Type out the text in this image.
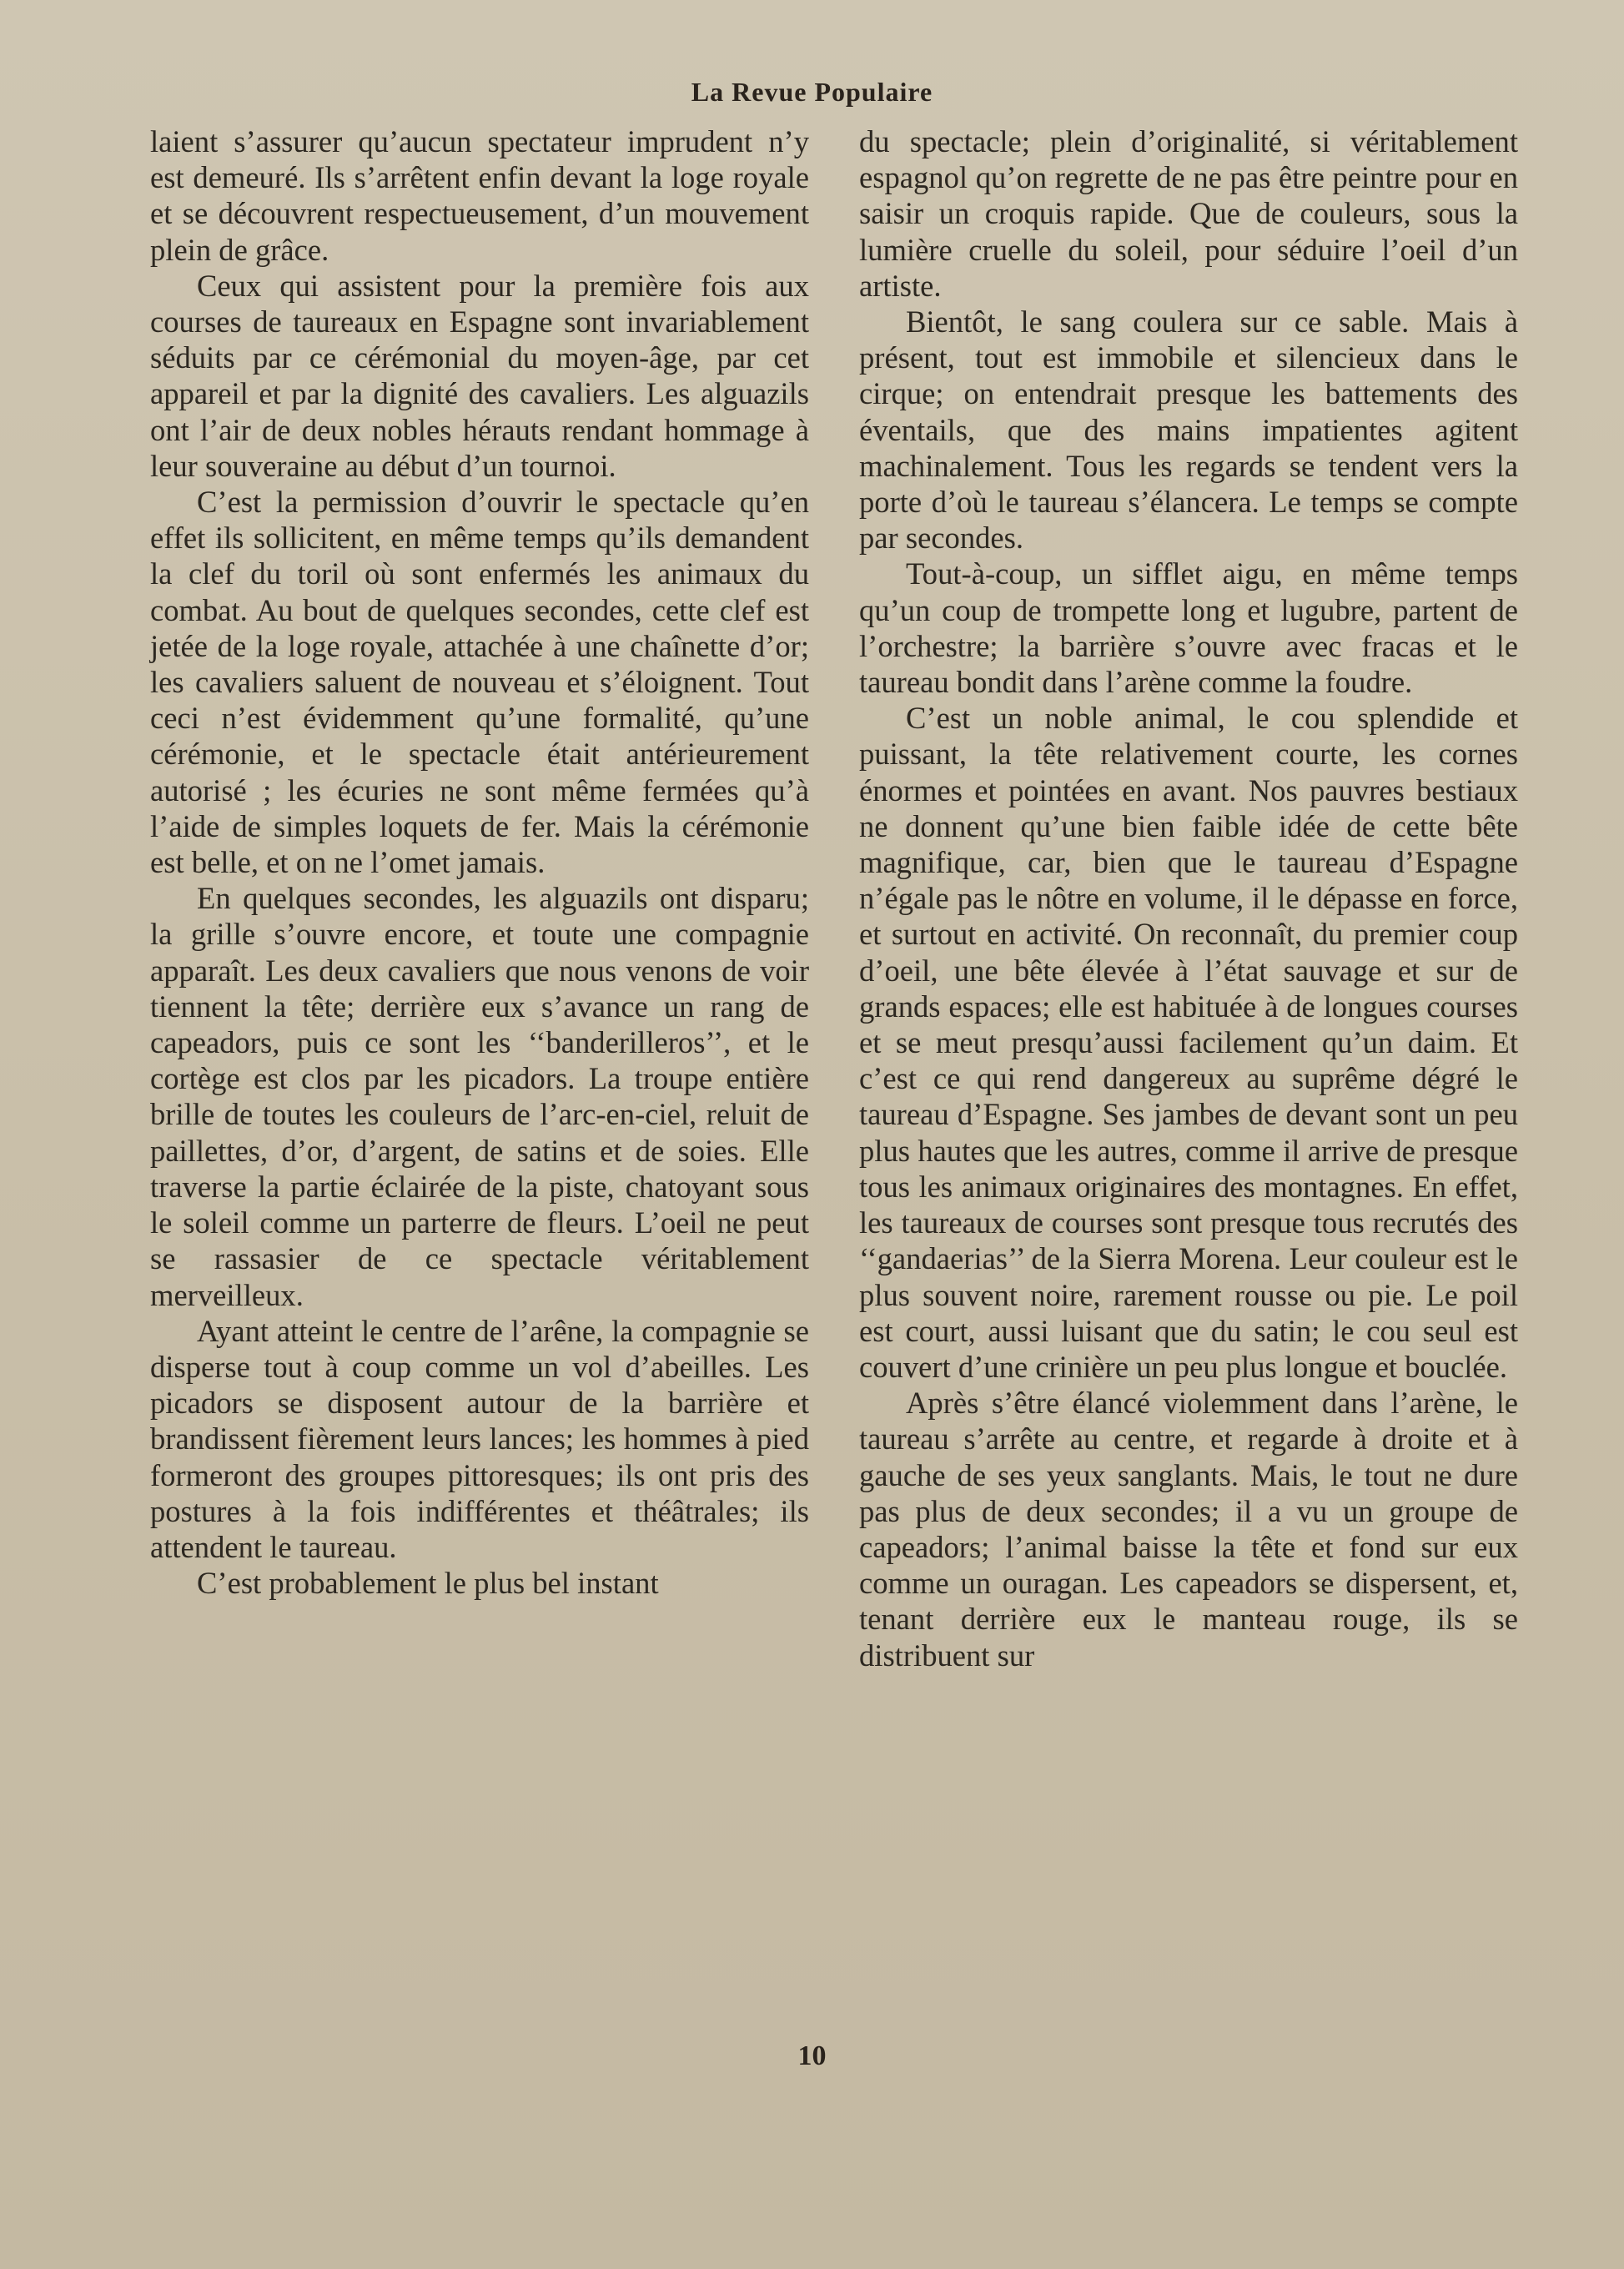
La Revue Populaire

laient s’assurer qu’aucun spectateur imprudent n’y est demeuré. Ils s’arrêtent enfin devant la loge royale et se découvrent respectueusement, d’un mouvement plein de grâce.

Ceux qui assistent pour la première fois aux courses de taureaux en Espagne sont invariablement séduits par ce cérémonial du moyen-âge, par cet appareil et par la dignité des cavaliers. Les alguazils ont l’air de deux nobles hérauts rendant hommage à leur souveraine au début d’un tournoi.

C’est la permission d’ouvrir le spectacle qu’en effet ils sollicitent, en même temps qu’ils demandent la clef du toril où sont enfermés les animaux du combat. Au bout de quelques secondes, cette clef est jetée de la loge royale, attachée à une chaînette d’or; les cavaliers saluent de nouveau et s’éloignent. Tout ceci n’est évidemment qu’une formalité, qu’une cérémonie, et le spectacle était antérieurement autorisé ; les écuries ne sont même fermées qu’à l’aide de simples loquets de fer. Mais la cérémonie est belle, et on ne l’omet jamais.

En quelques secondes, les alguazils ont disparu; la grille s’ouvre encore, et toute une compagnie apparaît. Les deux cavaliers que nous venons de voir tiennent la tête; derrière eux s’avance un rang de capeadors, puis ce sont les ‘‘banderilleros’’, et le cortège est clos par les picadors. La troupe entière brille de toutes les couleurs de l’arc-en-ciel, reluit de paillettes, d’or, d’argent, de satins et de soies. Elle traverse la partie éclairée de la piste, chatoyant sous le soleil comme un parterre de fleurs. L’oeil ne peut se rassasier de ce spectacle véritablement merveilleux.

Ayant atteint le centre de l’arêne, la compagnie se disperse tout à coup comme un vol d’abeilles. Les picadors se disposent autour de la barrière et brandissent fièrement leurs lances; les hommes à pied formeront des groupes pittoresques; ils ont pris des postures à la fois indifférentes et théâtrales; ils attendent le taureau.

C’est probablement le plus bel instant

du spectacle; plein d’originalité, si véritablement espagnol qu’on regrette de ne pas être peintre pour en saisir un croquis rapide. Que de couleurs, sous la lumière cruelle du soleil, pour séduire l’oeil d’un artiste.

Bientôt, le sang coulera sur ce sable. Mais à présent, tout est immobile et silencieux dans le cirque; on entendrait presque les battements des éventails, que des mains impatientes agitent machinalement. Tous les regards se tendent vers la porte d’où le taureau s’élancera. Le temps se compte par secondes.

Tout-à-coup, un sifflet aigu, en même temps qu’un coup de trompette long et lugubre, partent de l’orchestre; la barrière s’ouvre avec fracas et le taureau bondit dans l’arène comme la foudre.

C’est un noble animal, le cou splendide et puissant, la tête relativement courte, les cornes énormes et pointées en avant. Nos pauvres bestiaux ne donnent qu’une bien faible idée de cette bête magnifique, car, bien que le taureau d’Espagne n’égale pas le nôtre en volume, il le dépasse en force, et surtout en activité. On reconnaît, du premier coup d’oeil, une bête élevée à l’état sauvage et sur de grands espaces; elle est habituée à de longues courses et se meut presqu’aussi facilement qu’un daim. Et c’est ce qui rend dangereux au suprême dégré le taureau d’Espagne. Ses jambes de devant sont un peu plus hautes que les autres, comme il arrive de presque tous les animaux originaires des montagnes. En effet, les taureaux de courses sont presque tous recrutés des ‘‘gandaerias’’ de la Sierra Morena. Leur couleur est le plus souvent noire, rarement rousse ou pie. Le poil est court, aussi luisant que du satin; le cou seul est couvert d’une crinière un peu plus longue et bouclée.

Après s’être élancé violemment dans l’arène, le taureau s’arrête au centre, et regarde à droite et à gauche de ses yeux sanglants. Mais, le tout ne dure pas plus de deux secondes; il a vu un groupe de capeadors; l’animal baisse la tête et fond sur eux comme un ouragan. Les capeadors se dispersent, et, tenant derrière eux le manteau rouge, ils se distribuent sur

10
